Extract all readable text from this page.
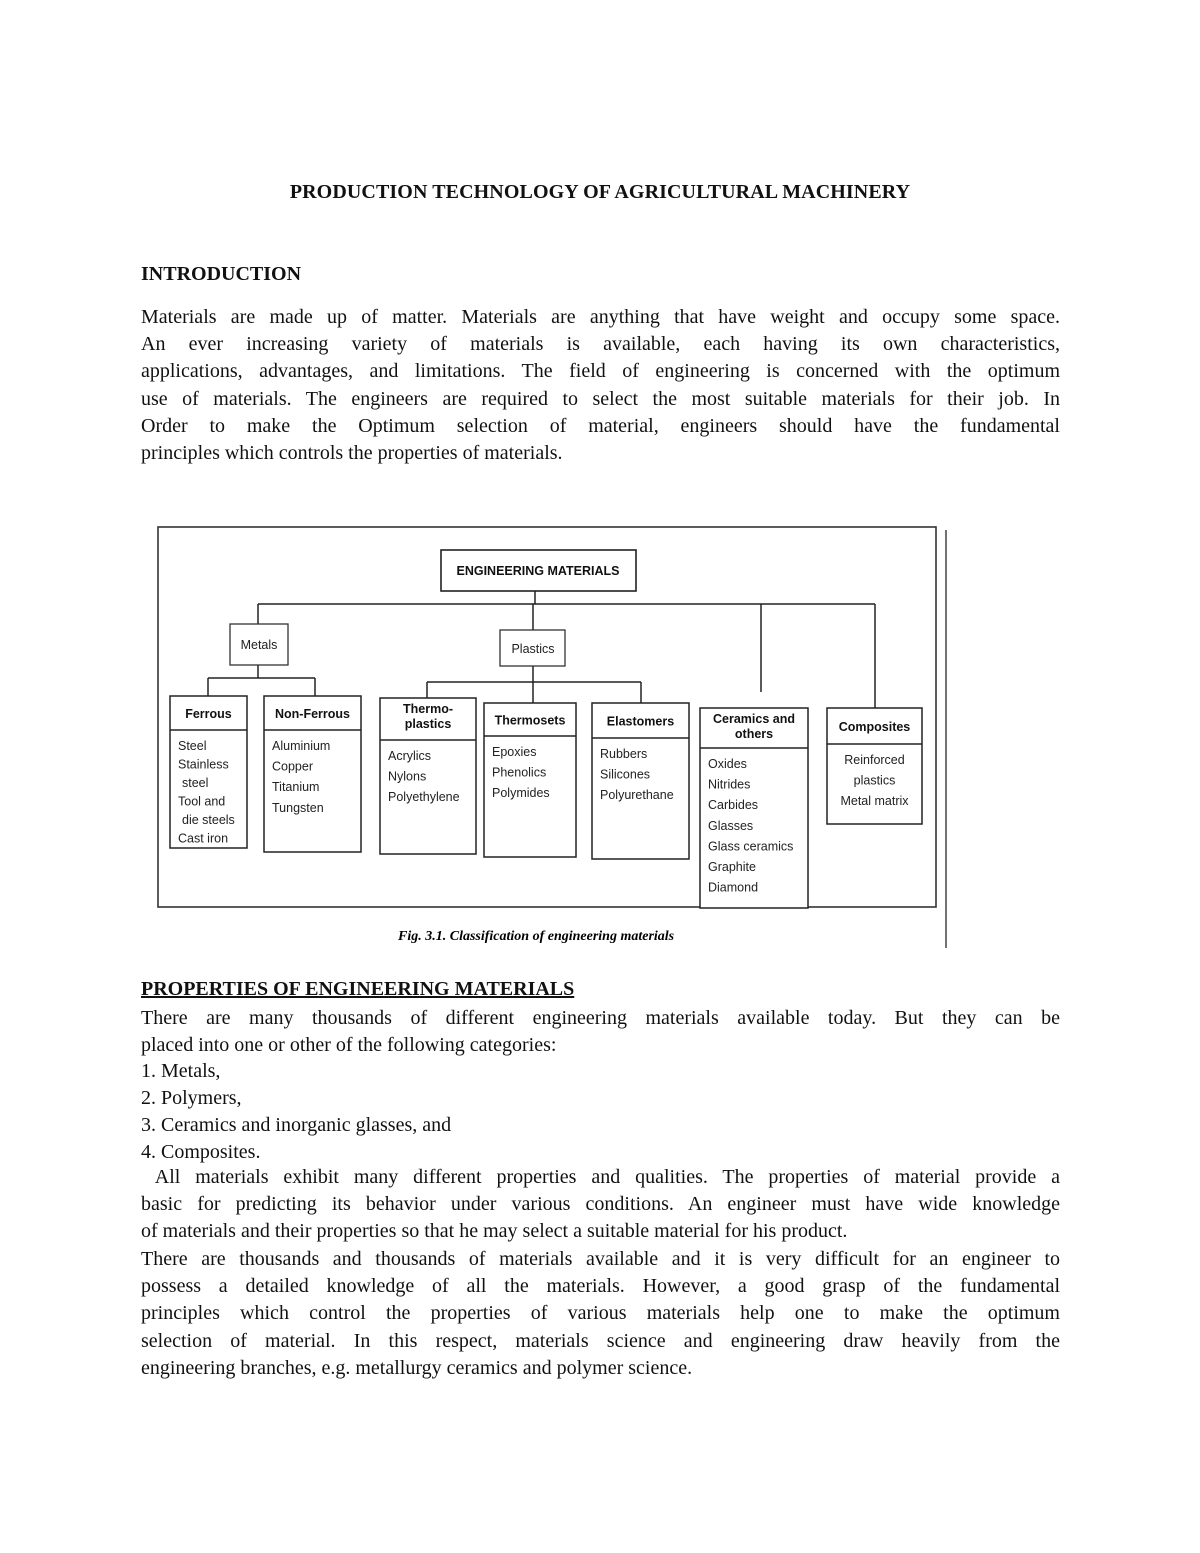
PRODUCTION TECHNOLOGY OF AGRICULTURAL MACHINERY
INTRODUCTION

Materials are made up of matter. Materials are anything that have weight and occupy some space.
An ever increasing variety of materials is available, each having its own characteristics,
applications, advantages, and limitations. The field of engineering is concerned with the optimum
use of materials. The engineers are required to select the most suitable materials for their job. In
Order to make the Optimum selection of material, engineers should have the fundamental
principles which controls the properties of materials.

ENGINEERING MATERIALS
Metals	Plastics
Ferrous
Steel
Stainless
steel
Tool and
die steels
Cast iron
Non-Ferrous
Aluminium
Copper
Titanium
Tungsten
Thermo-
plastics
Acrylics
Nylons
Polyethylene
Thermosets
Epoxies
Phenolics
Polymides
Elastomers
Rubbers
Silicones
Polyurethane
Ceramics and
others
Oxides
Nitrides
Carbides
Glasses
Glass ceramics
Graphite
Diamond
Composites
Reinforced
plastics
Metal matrix
Fig. 3.1. Classification of engineering materials
PROPERTIES OF ENGINEERING MATERIALS

There are many thousands of different engineering materials available today. But they can be
placed into one or other of the following categories:

1. Metals,
2. Polymers,
3. Ceramics and inorganic glasses, and
4. Composites.

All materials exhibit many different properties and qualities. The properties of material provide a
basic for predicting its behavior under various conditions. An engineer must have wide knowledge
of materials and their properties so that he may select a suitable material for his product.

There are thousands and thousands of materials available and it is very difficult for an engineer to
possess a detailed knowledge of all the materials. However, a good grasp of the fundamental
principles which control the properties of various materials help one to make the optimum
selection of material. In this respect, materials science and engineering draw heavily from the
engineering branches, e.g. metallurgy ceramics and polymer science.
